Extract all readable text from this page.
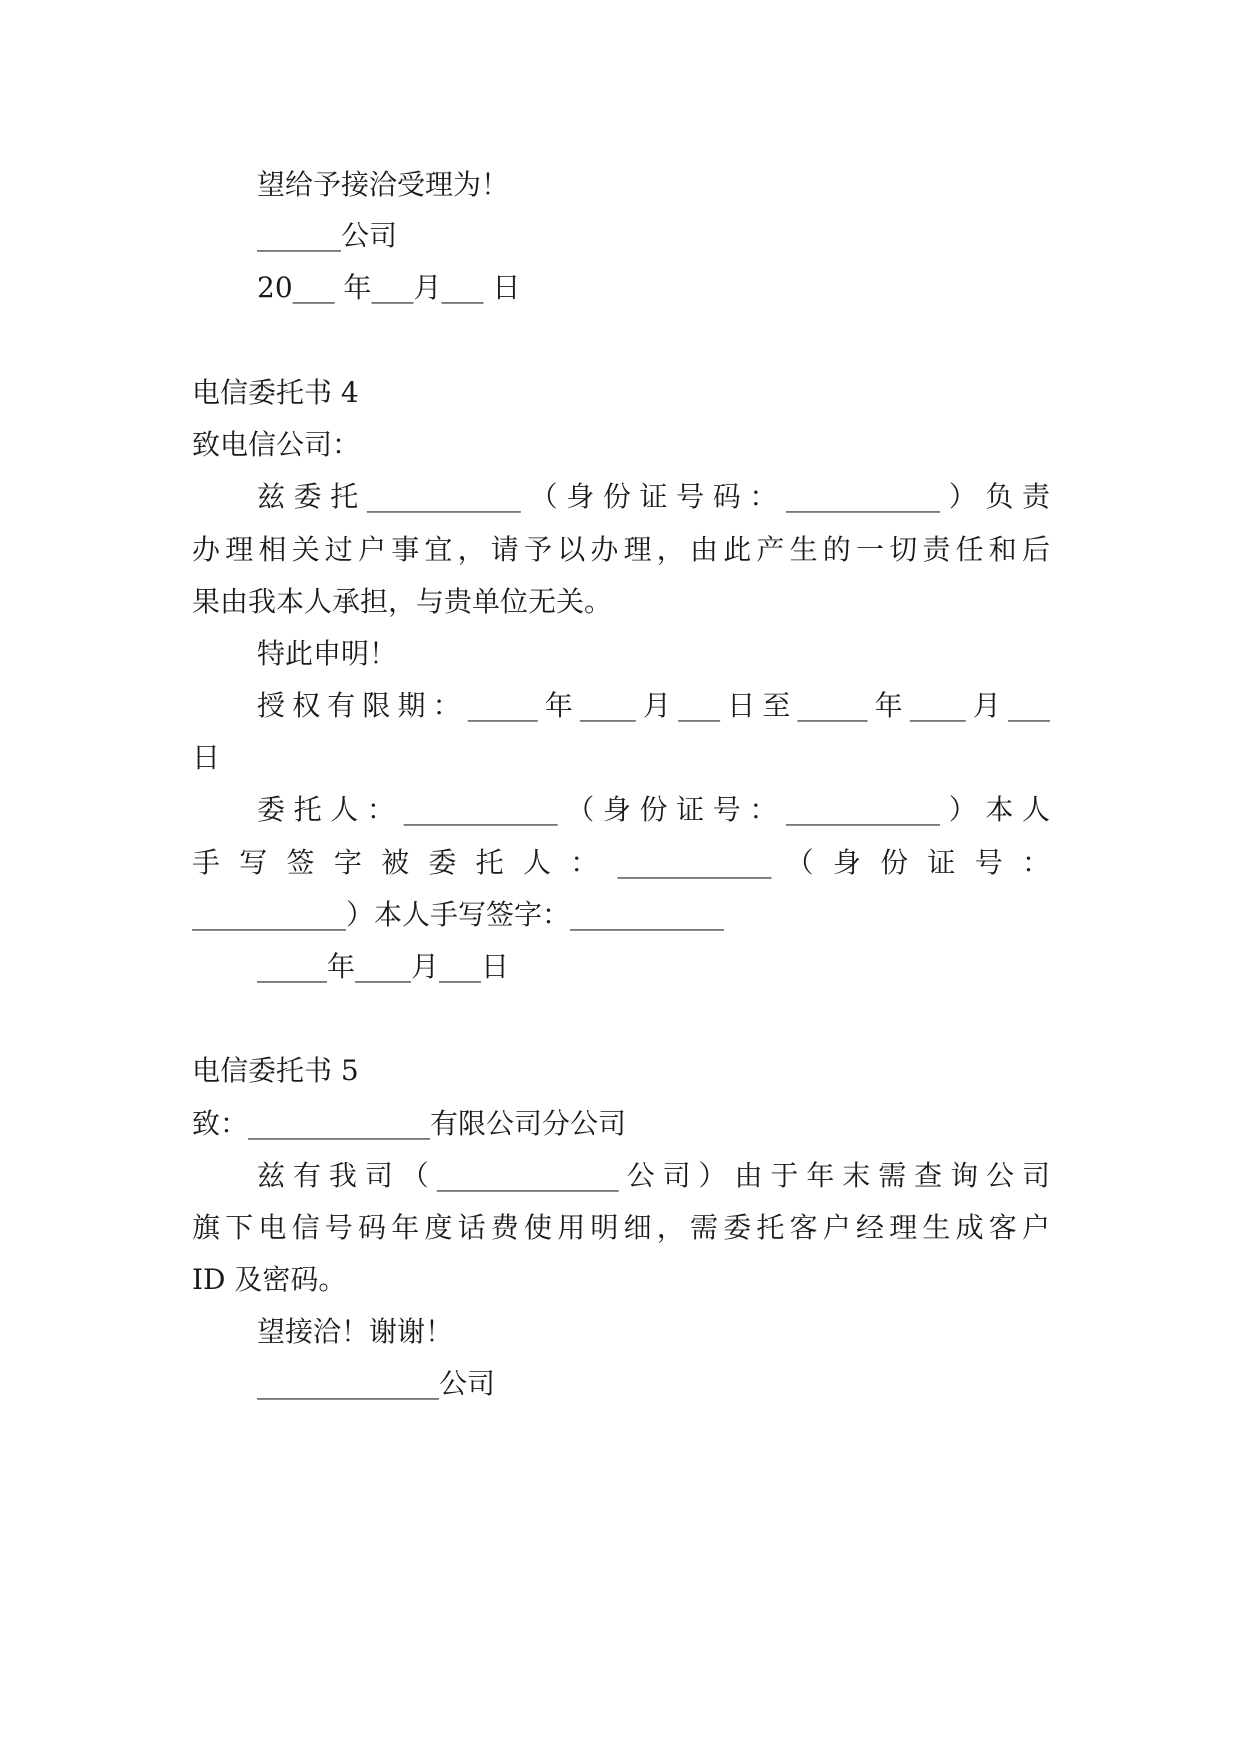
望给予接洽受理为！
______公司
20___ 年___月___ 日
电信委托书 4
致电信公司：
兹委托___________（身份证号码：___________）负责
办理相关过户事宜，请予以办理，由此产生的一切责任和后
果由我本人承担，与贵单位无关。
特此申明！
授权有限期：_____年____月___日至_____年____月___
日
委托人：___________（身份证号：___________）本人
手 写 签 字 被 委 托 人 ： ___________ （ 身 份 证 号 ：
___________）本人手写签字：___________
_____年____月___日
电信委托书 5
致：_____________有限公司分公司
兹有我司（_____________公司）由于年末需查询公司
旗下电信号码年度话费使用明细，需委托客户经理生成客户
ID 及密码。
望接洽！谢谢！
_____________公司
